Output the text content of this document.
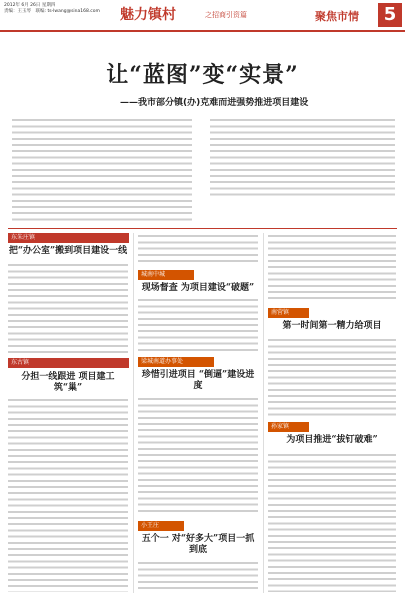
2012年 6月 26日 星期四
责编：王玉琴　联编: ts-lwang@sina168.com 魅力镇村	之招商引资篇	聚焦市情	5
让“蓝图”变“实景”
——我市部分镇(办)克难而进强势推进项目建设
东朱庄镇
把“办公室”搬到项目建设一线
东古镇
分担一线跟进 项目建工筑“巢”
城南中城
现场督查 为项目建设“破题”
梁城南道办事处
珍惜引进项目 “倒逼”建设进度
小王庄
五个一 对“好多大”项目一抓到底
南营镇
第一时间第一精力给项目
孙家镇
为项目推进“拔钉破难”
